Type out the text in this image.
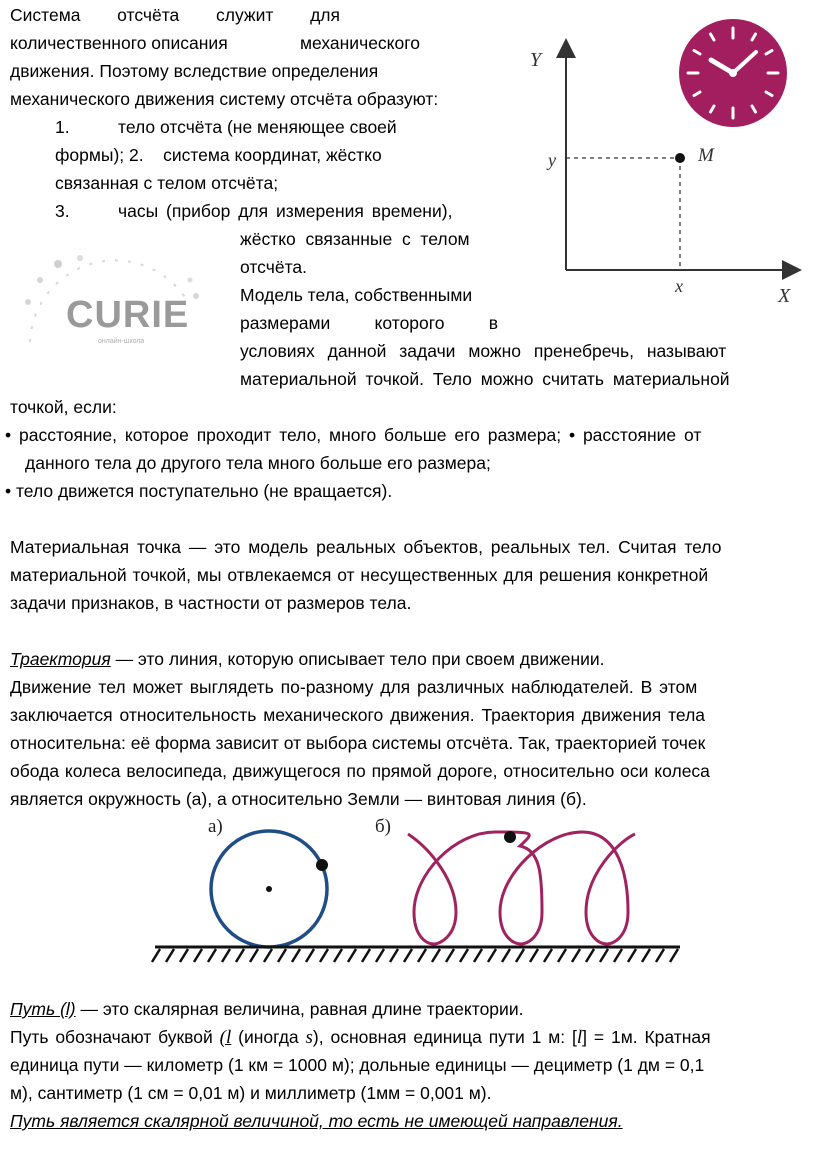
CURIE
онлайн-школа
Система отсчёта служит для
количественного описания	механического
движения. Поэтому вследствие определения
механического движения систему отсчёта образуют:
1.	тело отсчёта (не меняющее своей
формы); 2.    система координат, жёстко
связанная с телом отсчёта;
3.	часы (прибор для измерения времени),
жёстко  связанные  с  телом
отсчёта.
Модель тела, собственными
размерами	которого	в
условиях данной задачи можно пренебречь, называют
материальной точкой. Тело можно считать материальной
точкой, если:
• расстояние, которое проходит тело, много больше его размера; • расстояние от
данного тела до другого тела много больше его размера;
• тело движется поступательно (не вращается).
Материальная точка — это модель реальных объектов, реальных тел. Считая тело
материальной точкой, мы отвлекаемся от несущественных для решения конкретной
задачи признаков, в частности от размеров тела.
Траектория — это линия, которую описывает тело при своем движении.
Движение тел может выглядеть по-разному для различных наблюдателей. В этом
заключается относительность механического движения. Траектория движения тела
относительна: её форма зависит от выбора системы отсчёта. Так, траекторией точек
обода колеса велосипеда, движущегося по прямой дороге, относительно оси колеса
является окружность (а), а относительно Земли — винтовая линия (б).
Y
X
y
x
M
а)	б)
Путь (l) — это скалярная величина, равная длине траектории.
Путь обозначают буквой (l (иногда s), основная единица пути 1 м: [l] = 1м. Кратная
единица пути — километр (1 км = 1000 м); дольные единицы — дециметр (1 дм = 0,1
м), сантиметр (1 см = 0,01 м) и миллиметр (1мм = 0,001 м).
Путь является скалярной величиной, то есть не имеющей направления.
